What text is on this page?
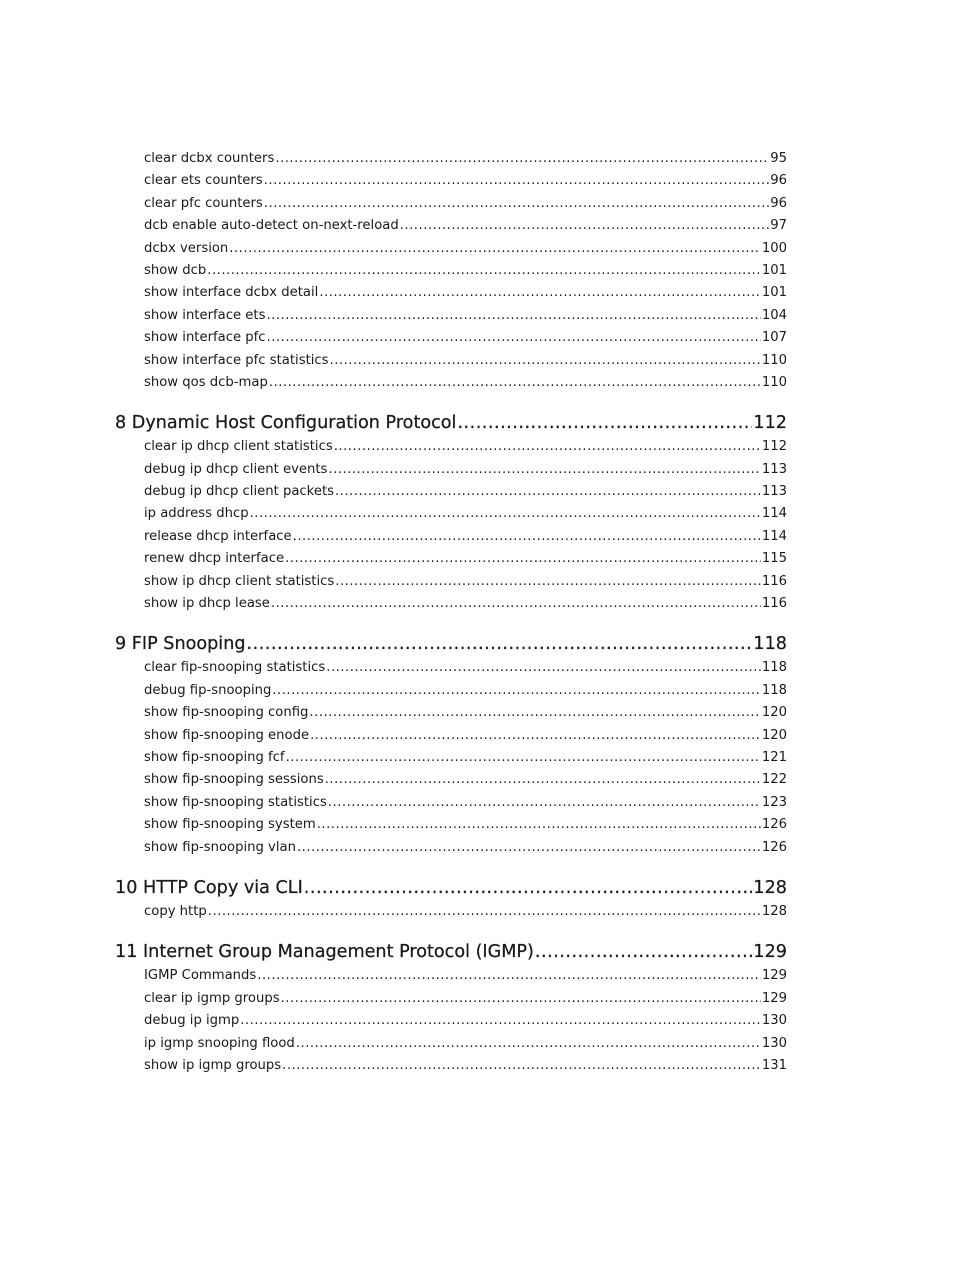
clear dcbx counters .....	95
clear ets counters .....	96
clear pfc counters .....	96
dcb enable auto-detect on-next-reload .....	97
dcbx version .....	100
show dcb .....	101
show interface dcbx detail .....	101
show interface ets .....	104
show interface pfc .....	107
show interface pfc statistics .....	110
show qos dcb-map .....	110
8 Dynamic Host Configuration Protocol .....	112
clear ip dhcp client statistics .....	112
debug ip dhcp client events .....	113
debug ip dhcp client packets .....	113
ip address dhcp .....	114
release dhcp interface .....	114
renew dhcp interface .....	115
show ip dhcp client statistics .....	116
show ip dhcp lease .....	116
9 FIP Snooping .....	118
clear fip-snooping statistics .....	118
debug fip-snooping .....	118
show fip-snooping config .....	120
show fip-snooping enode .....	120
show fip-snooping fcf .....	121
show fip-snooping sessions .....	122
show fip-snooping statistics .....	123
show fip-snooping system .....	126
show fip-snooping vlan .....	126
10 HTTP Copy via CLI .....	128
copy http .....	128
11 Internet Group Management Protocol (IGMP) .....	129
IGMP Commands .....	129
clear ip igmp groups .....	129
debug ip igmp .....	130
ip igmp snooping flood .....	130
show ip igmp groups .....	131
